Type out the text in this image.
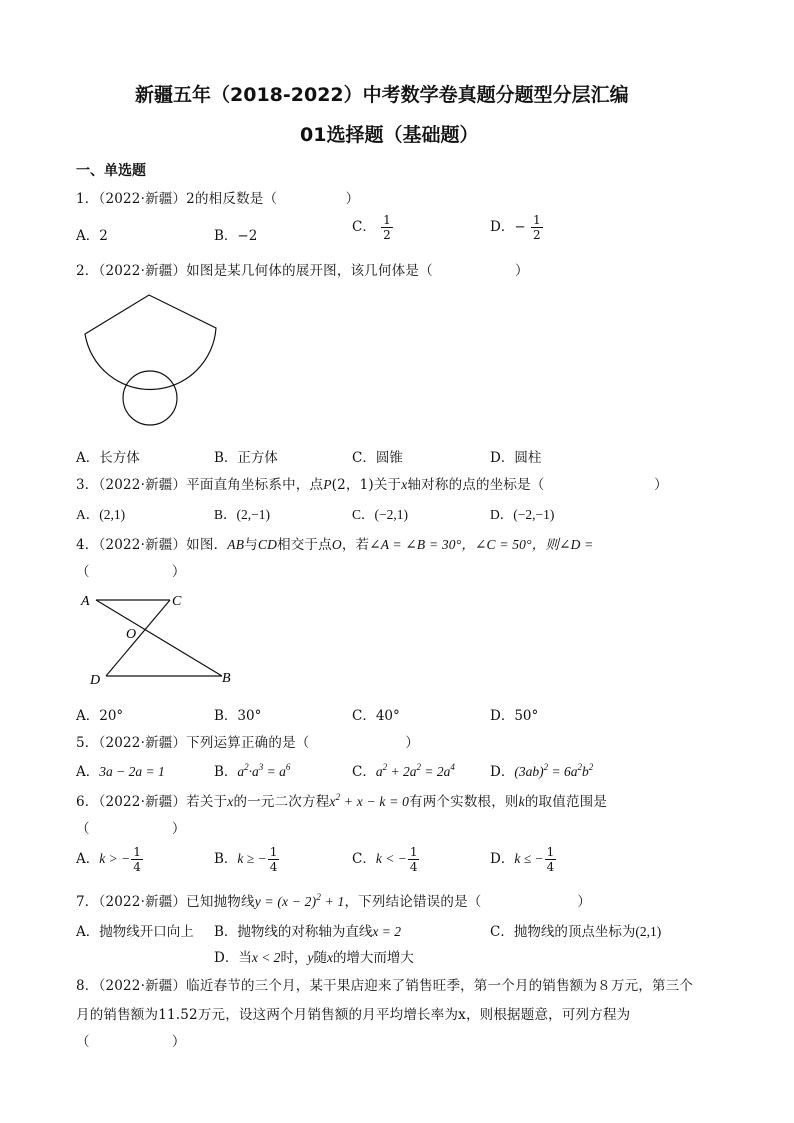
新疆五年（2018-2022）中考数学卷真题分题型分层汇编
01选择题（基础题）
一、单选题
1．（2022·新疆）2的相反数是（　　　　　）
A．2	B．−2
C． $\frac{1}{2}$	D．− $\frac{1}{2}$
2．（2022·新疆）如图是某几何体的展开图，该几何体是（　　　　　　）
A．长方体	B．正方体	C．圆锥	D．圆柱
3．（2022·新疆）平面直角坐标系中，点P(2，1)关于x轴对称的点的坐标是（　　　　　　　　）
A．(2,1)	B．(2,−1)	C．(−2,1)	D．(−2,−1)
4．（2022·新疆）如图．AB与CD相交于点O，若∠A = ∠B = 30°，∠C = 50°，则∠D =
（　　　　　　）
A	C
O
D	B
A．20°	B．30°	C．40°	D．50°
5．（2022·新疆）下列运算正确的是（　　　　　　　）
A．3a − 2a = 1	B．$a^2\cdot a^3 = a^6$	C．$a^2 + 2a^2 = 2a^4$	D．$(3ab)^2 = 6a^2b^2$
6．（2022·新疆）若关于x的一元二次方程$x^2 + x - k = 0$有两个实数根，则k的取值范围是
（　　　　　　）
A．k > − $\frac{1}{4}$	B．k ≥ − $\frac{1}{4}$	C．k < − $\frac{1}{4}$	D．k ≤ − $\frac{1}{4}$
7．（2022·新疆）已知抛物线$y = (x - 2)^2 + 1$，下列结论错误的是（　　　　　　　）
A．抛物线开口向上 B．抛物线的对称轴为直线x = 2	C．抛物线的顶点坐标为(2,1)
D．当x < 2时，y随x的增大而增大
8．（2022·新疆）临近春节的三个月，某干果店迎来了销售旺季，第一个月的销售额为８万元，第三个
月的销售额为11.52万元，设这两个月销售额的月平均增长率为x，则根据题意，可列方程为
（　　　　　　）
